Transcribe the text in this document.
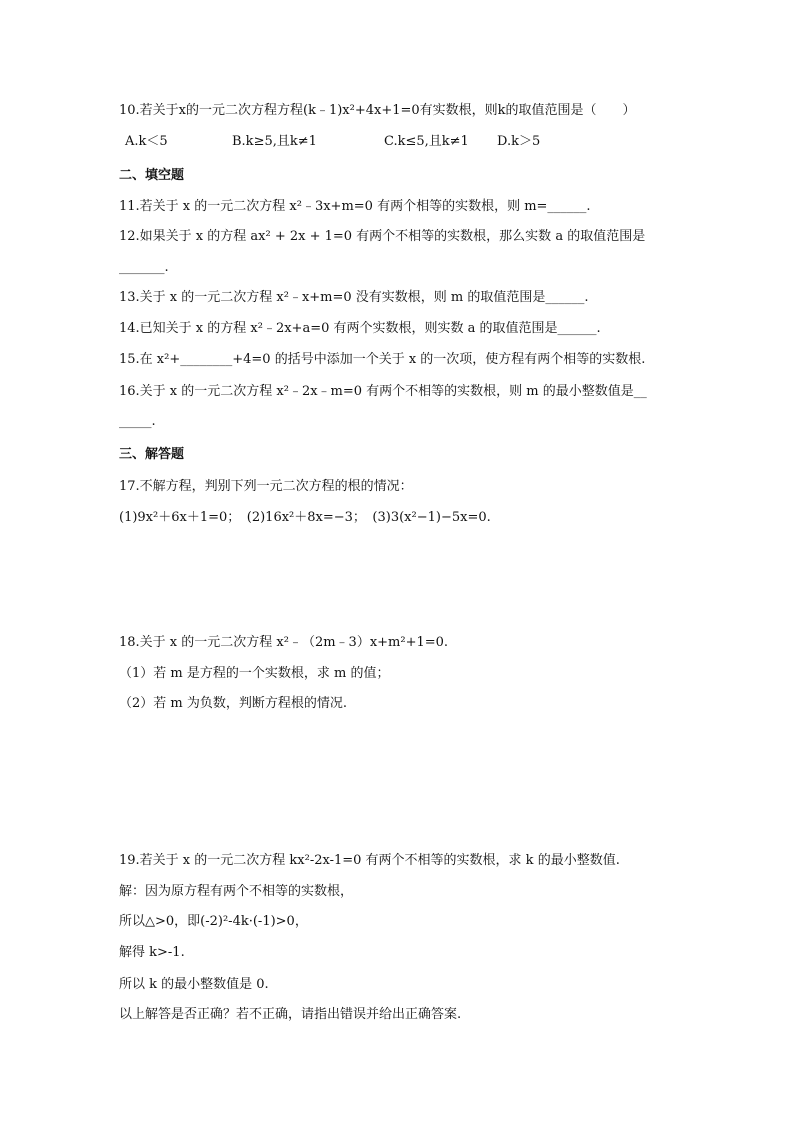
10.若关于x的一元二次方程方程(k﹣1)x²+4x+1=0有实数根，则k的取值范围是（　　）
A.k＜5	B.k≥5,且k≠1	C.k≤5,且k≠1 D.k＞5
二、填空题
11.若关于 x 的一元二次方程 x²﹣3x+m=0 有两个相等的实数根，则 m=______.
12.如果关于 x 的方程 ax² + 2x + 1=0 有两个不相等的实数根，那么实数 a 的取值范围是
_______.
13.关于 x 的一元二次方程 x²﹣x+m=0 没有实数根，则 m 的取值范围是______.
14.已知关于 x 的方程 x²﹣2x+a=0 有两个实数根，则实数 a 的取值范围是______.
15.在 x²+________+4=0 的括号中添加一个关于 x 的一次项，使方程有两个相等的实数根.
16.关于 x 的一元二次方程 x²﹣2x﹣m=0 有两个不相等的实数根，则 m 的最小整数值是__
_____.
三、解答题
17.不解方程，判别下列一元二次方程的根的情况：
(1)9x²＋6x＋1=0；　(2)16x²＋8x=−3；　(3)3(x²−1)−5x=0.
18.关于 x 的一元二次方程 x²﹣（2m﹣3）x+m²+1=0.
（1）若 m 是方程的一个实数根，求 m 的值；
（2）若 m 为负数，判断方程根的情况.
19.若关于 x 的一元二次方程 kx²-2x-1=0 有两个不相等的实数根，求 k 的最小整数值.
解：因为原方程有两个不相等的实数根，
所以△>0，即(-2)²-4k·(-1)>0，
解得 k>-1.
所以 k 的最小整数值是 0.
以上解答是否正确？若不正确，请指出错误并给出正确答案.
